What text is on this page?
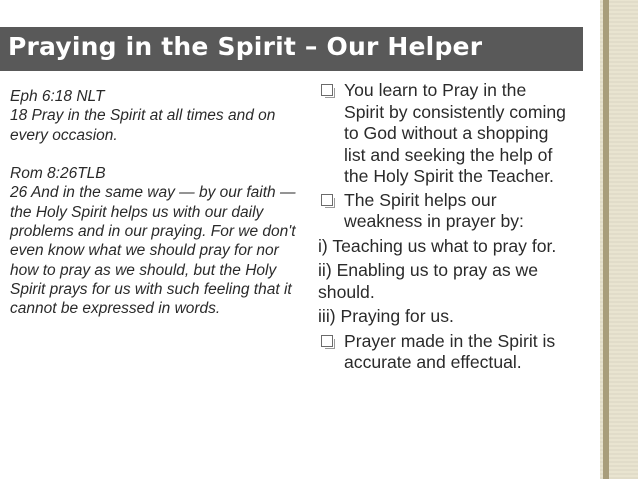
Praying in the Spirit – Our Helper

Eph 6:18 NLT

18 Pray in the Spirit at all times and on every occasion.

Rom 8:26TLB

26 And in the same way — by our faith — the Holy Spirit helps us with our daily problems and in our praying. For we don't even know what we should pray for nor how to pray as we should, but the Holy Spirit prays for us with such feeling that it cannot be expressed in words.

You learn to Pray in the Spirit by consistently coming to God without a shopping list and seeking the help of the Holy Spirit the Teacher.
The Spirit helps our weakness in prayer by:
i) Teaching us what to pray for.
ii) Enabling us to pray as we should.
iii) Praying for us.
Prayer made in the Spirit is accurate and effectual.
